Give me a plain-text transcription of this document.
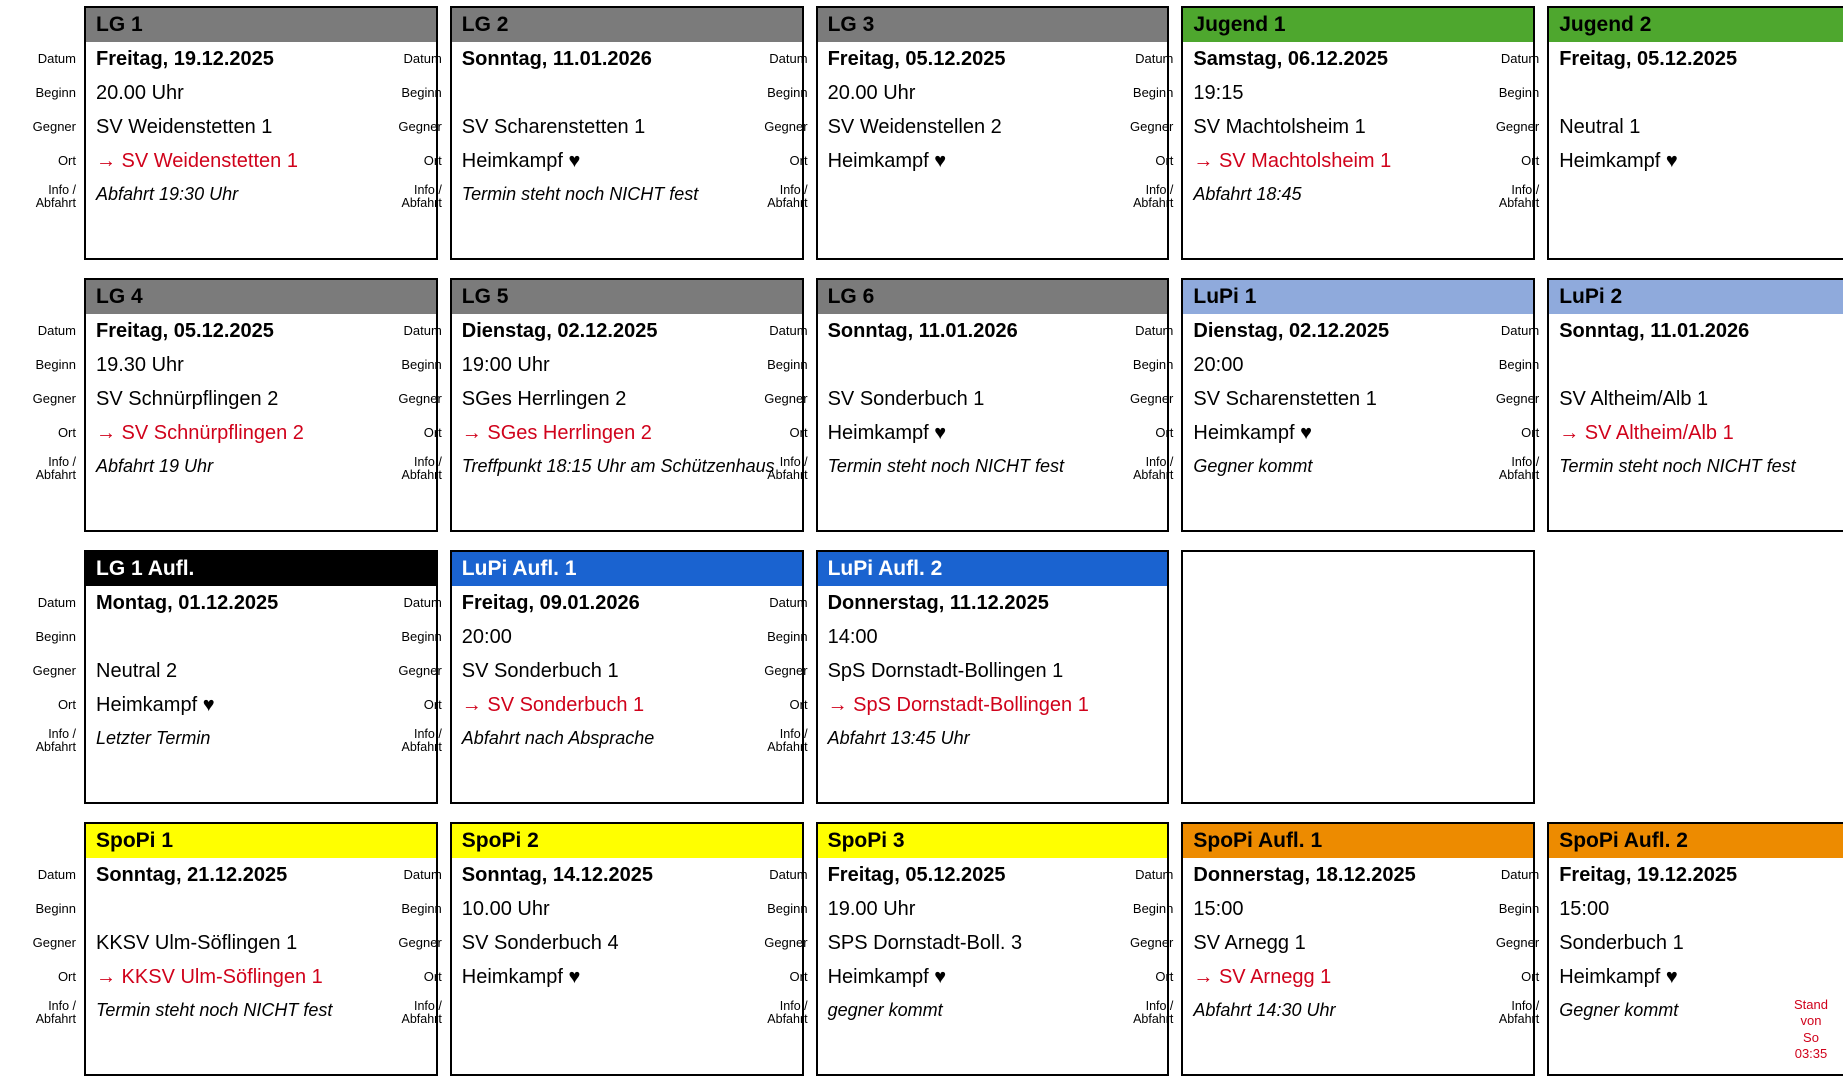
LG 1
Datum Freitag, 19.12.2025
Beginn 20.00 Uhr
Gegner SV Weidenstetten 1
Ort → SV Weidenstetten 1
Info /
Abfahrt Abfahrt 19:30 Uhr
LG 2
Datum Sonntag, 11.01.2026
Beginn
Gegner SV Scharenstetten 1
Ort Heimkampf ♥
Info /
Abfahrt Termin steht noch NICHT fest
LG 3
Datum Freitag, 05.12.2025
Beginn 20.00 Uhr
Gegner SV Weidenstellen 2
Ort Heimkampf ♥
Info /
Abfahrt
Jugend 1
Datum Samstag, 06.12.2025
Beginn 19:15
Gegner SV Machtolsheim 1
Ort → SV Machtolsheim 1
Info /
Abfahrt Abfahrt 18:45
Jugend 2
Datum Freitag, 05.12.2025
Beginn
Gegner Neutral 1
Ort Heimkampf ♥
Info /
Abfahrt
LG 4
Datum Freitag, 05.12.2025
Beginn 19.30 Uhr
Gegner SV Schnürpflingen 2
Ort → SV Schnürpflingen 2
Info /
Abfahrt Abfahrt 19 Uhr
LG 5
Datum Dienstag, 02.12.2025
Beginn 19:00 Uhr
Gegner SGes Herrlingen 2
Ort → SGes Herrlingen 2
Info /
Abfahrt Treffpunkt 18:15 Uhr am Schützenhaus
LG 6
Datum Sonntag, 11.01.2026
Beginn
Gegner SV Sonderbuch 1
Ort Heimkampf ♥
Info /
Abfahrt Termin steht noch NICHT fest
LuPi 1
Datum Dienstag, 02.12.2025
Beginn 20:00
Gegner SV Scharenstetten 1
Ort Heimkampf ♥
Info /
Abfahrt Gegner kommt
LuPi 2
Datum Sonntag, 11.01.2026
Beginn
Gegner SV Altheim/Alb 1
Ort → SV Altheim/Alb 1
Info /
Abfahrt Termin steht noch NICHT fest
LG 1 Aufl.
Datum Montag, 01.12.2025
Beginn
Gegner Neutral 2
Ort Heimkampf ♥
Info /
Abfahrt Letzter Termin
LuPi Aufl. 1
Datum Freitag, 09.01.2026
Beginn 20:00
Gegner SV Sonderbuch 1
Ort → SV Sonderbuch 1
Info /
Abfahrt Abfahrt nach Absprache
LuPi Aufl. 2
Datum Donnerstag, 11.12.2025
Beginn 14:00
Gegner SpS Dornstadt-Bollingen 1
Ort → SpS Dornstadt-Bollingen 1
Info /
Abfahrt Abfahrt 13:45 Uhr
SpoPi 1
Datum Sonntag, 21.12.2025
Beginn
Gegner KKSV Ulm-Söflingen 1
Ort → KKSV Ulm-Söflingen 1
Info /
Abfahrt Termin steht noch NICHT fest
SpoPi 2
Datum Sonntag, 14.12.2025
Beginn 10.00 Uhr
Gegner SV Sonderbuch 4
Ort Heimkampf ♥
Info /
Abfahrt
SpoPi 3
Datum Freitag, 05.12.2025
Beginn 19.00 Uhr
Gegner SPS Dornstadt-Boll. 3
Ort Heimkampf ♥
Info /
Abfahrt gegner kommt
SpoPi Aufl. 1
Datum Donnerstag, 18.12.2025
Beginn 15:00
Gegner SV Arnegg 1
Ort → SV Arnegg 1
Info /
Abfahrt Abfahrt 14:30 Uhr
SpoPi Aufl. 2
Datum Freitag, 19.12.2025
Beginn 15:00
Gegner Sonderbuch 1
Ort Heimkampf ♥
Info /
Abfahrt Gegner kommt	Stand
von
So
03:35
